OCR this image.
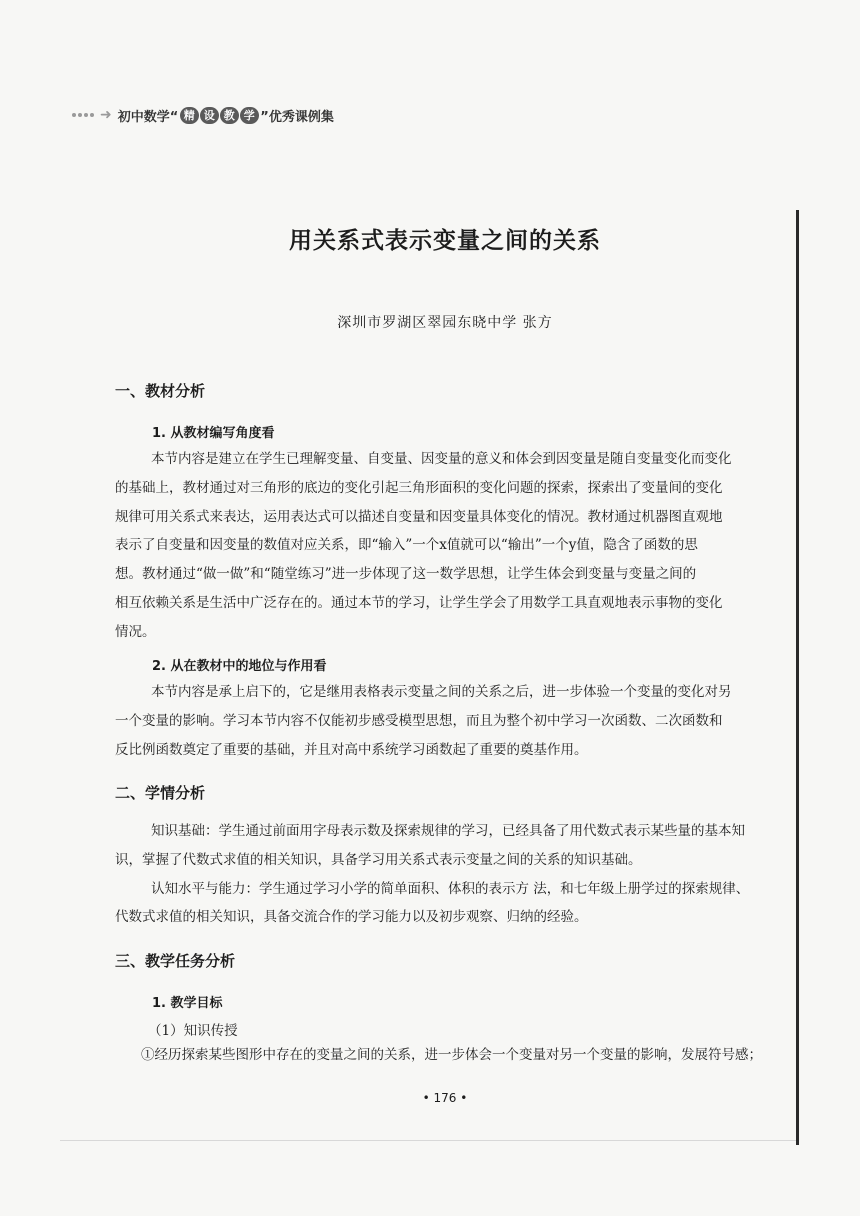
➜ 初中数学“ 精 设 教 学 ”优秀课例集
用关系式表示变量之间的关系
深圳市罗湖区翠园东晓中学 张方
一、教材分析
1. 从教材编写角度看
本节内容是建立在学生已理解变量、自变量、因变量的意义和体会到因变量是随自变量变化而变化
的基础上，教材通过对三角形的底边的变化引起三角形面积的变化问题的探索，探索出了变量间的变化
规律可用关系式来表达，运用表达式可以描述自变量和因变量具体变化的情况。教材通过机器图直观地
表示了自变量和因变量的数值对应关系，即“输入”一个x值就可以“输出”一个y值，隐含了函数的思
想。教材通过“做一做”和“随堂练习”进一步体现了这一数学思想，让学生体会到变量与变量之间的
相互依赖关系是生活中广泛存在的。通过本节的学习，让学生学会了用数学工具直观地表示事物的变化
情况。
2. 从在教材中的地位与作用看
本节内容是承上启下的，它是继用表格表示变量之间的关系之后，进一步体验一个变量的变化对另
一个变量的影响。学习本节内容不仅能初步感受模型思想，而且为整个初中学习一次函数、二次函数和
反比例函数奠定了重要的基础，并且对高中系统学习函数起了重要的奠基作用。
二、学情分析
知识基础：学生通过前面用字母表示数及探索规律的学习，已经具备了用代数式表示某些量的基本知
识，掌握了代数式求值的相关知识，具备学习用关系式表示变量之间的关系的知识基础。
认知水平与能力：学生通过学习小学的简单面积、体积的表示方 法，和七年级上册学过的探索规律、
代数式求值的相关知识，具备交流合作的学习能力以及初步观察、归纳的经验。
三、教学任务分析
1. 教学目标
（1）知识传授
①经历探索某些图形中存在的变量之间的关系，进一步体会一个变量对另一个变量的影响，发展符号感；
• 176 •
